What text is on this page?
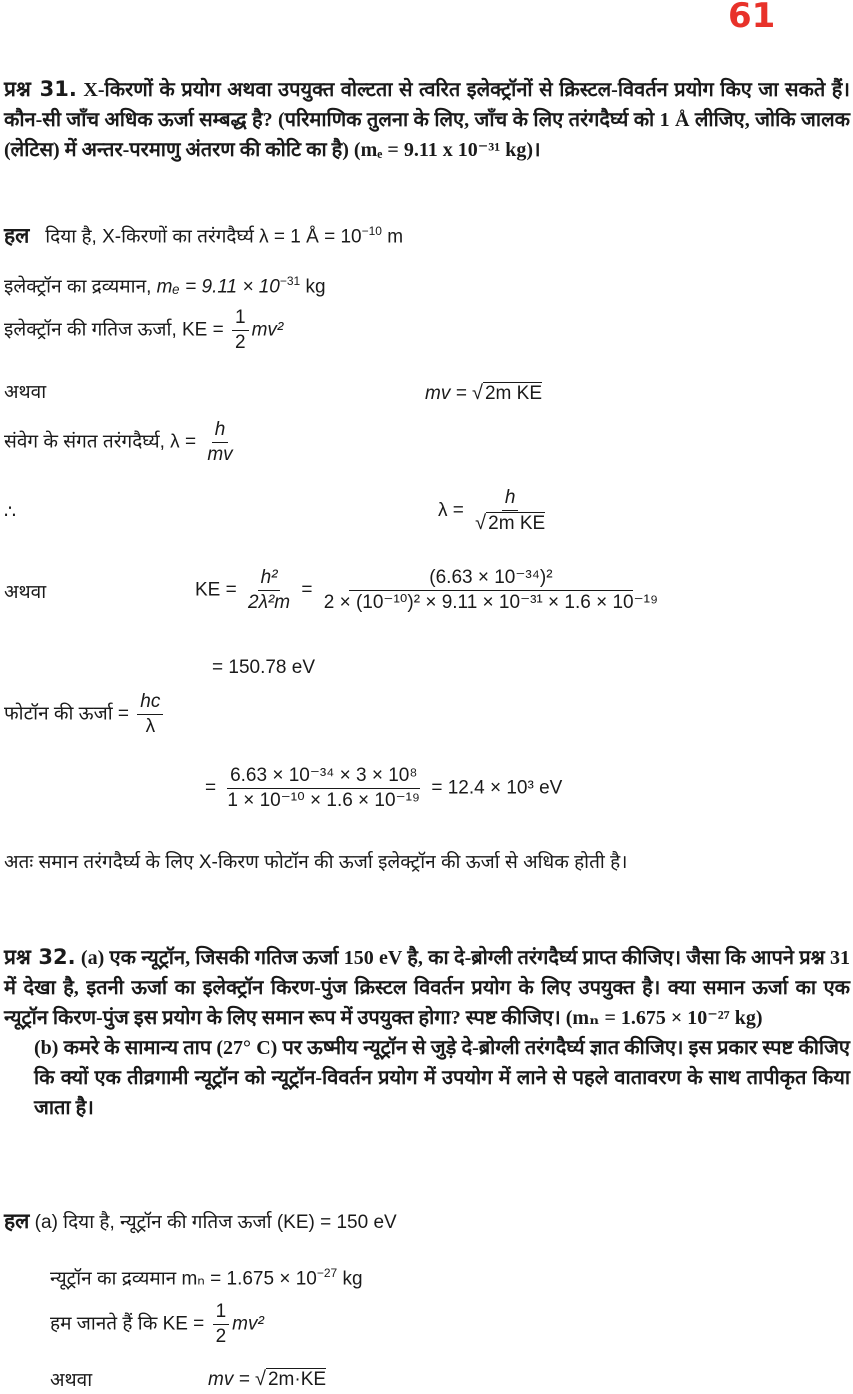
61
प्रश्न 31. X-किरणों के प्रयोग अथवा उपयुक्त वोल्टता से त्वरित इलेक्ट्रॉनों से क्रिस्टल-विवर्तन प्रयोग किए जा सकते हैं। कौन-सी जाँच अधिक ऊर्जा सम्बद्ध है? (परिमाणिक तुलना के लिए, जाँच के लिए तरंगदैर्घ्य को 1 Å लीजिए, जोकि जालक (लेटिस) में अन्तर-परमाणु अंतरण की कोटि का है) (mₑ = 9.11 x 10⁻³¹ kg)।
हल दिया है, X-किरणों का तरंगदैर्घ्य λ = 1 Å = $10^{-10}$ m
इलेक्ट्रॉन का द्रव्यमान, $m_e = 9.11 \times 10^{-31}$ kg
इलेक्ट्रॉन की गतिज ऊर्जा, KE = $\frac{1}{2} mv^2$
अथवा	mv = √ 2m KE
संवेग के संगत तरंगदैर्घ्य, $\lambda = \frac{h}{mv}$
∴	$\lambda = \frac{h}{\text{√ 2m KE}}$
अथवा	KE = $\frac{\text{h²}}{\text{2λ²m}} = \frac{\text{(6.63 × 10⁻³⁴)²}}{\text{2 × (10⁻¹⁰)² × 9.11 × 10⁻³¹ × 1.6 × 10⁻¹⁹}}$
= 150.78 eV
फोटॉन की ऊर्जा = $\frac{hc}{\lambda}$
= $\frac{\text{6.63 × 10⁻³⁴ × 3 × 10⁸}}{\text{1 × 10⁻¹⁰ × 1.6 × 10⁻¹⁹}} = 12.4 \times 10^3$ eV
अतः समान तरंगदैर्घ्य के लिए X-किरण फोटॉन की ऊर्जा इलेक्ट्रॉन की ऊर्जा से अधिक होती है।
प्रश्न 32. (a) एक न्यूट्रॉन, जिसकी गतिज ऊर्जा 150 eV है, का दे-ब्रोग्ली तरंगदैर्घ्य प्राप्त कीजिए। जैसा कि आपने प्रश्न 31 में देखा है, इतनी ऊर्जा का इलेक्ट्रॉन किरण-पुंज क्रिस्टल विवर्तन प्रयोग के लिए उपयुक्त है। क्या समान ऊर्जा का एक न्यूट्रॉन किरण-पुंज इस प्रयोग के लिए समान रूप में उपयुक्त होगा? स्पष्ट कीजिए। (mₙ = 1.675 × 10⁻²⁷ kg)
(b) कमरे के सामान्य ताप (27° C) पर ऊष्मीय न्यूट्रॉन से जुड़े दे-ब्रोग्ली तरंगदैर्घ्य ज्ञात कीजिए। इस प्रकार स्पष्ट कीजिए कि क्यों एक तीव्रगामी न्यूट्रॉन को न्यूट्रॉन-विवर्तन प्रयोग में उपयोग में लाने से पहले वातावरण के साथ तापीकृत किया जाता है।
हल (a) दिया है, न्यूट्रॉन की गतिज ऊर्जा (KE) = 150 eV
न्यूट्रॉन का द्रव्यमान $m_n = 1.675 \times 10^{-27}$ kg
हम जानते हैं कि KE = $\frac{1}{2} mv^2$
अथवा	mv = √ 2m·KE
